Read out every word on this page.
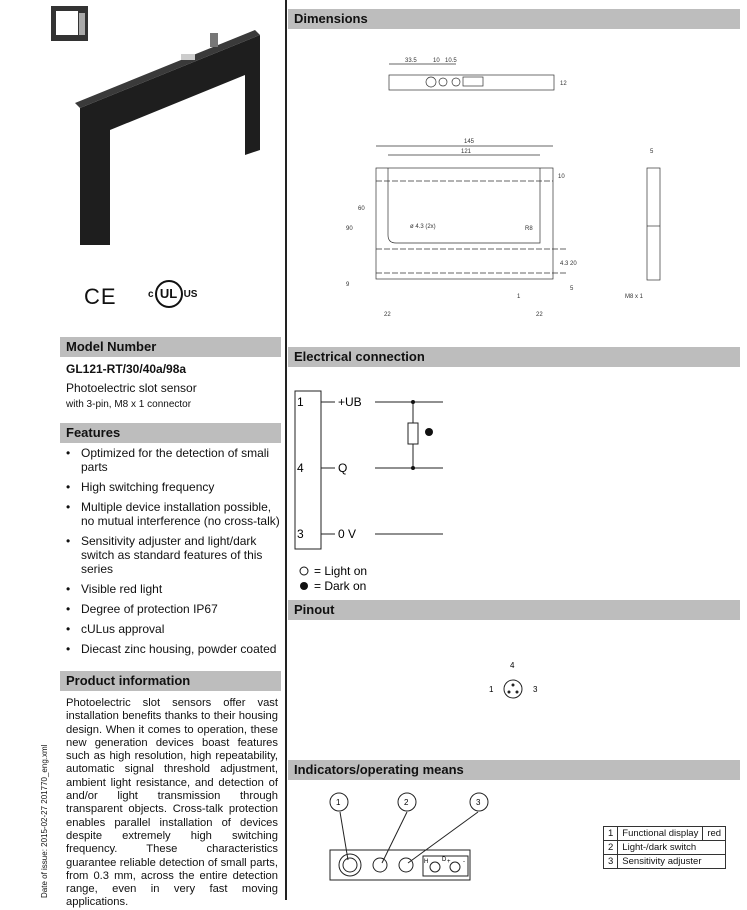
CE	c UL US
Model Number
GL121-RT/30/40a/98a
Photoelectric slot sensor
with 3-pin, M8 x 1 connector
Features
• Optimized for the detection of smali parts
• High switching frequency
• Multiple device installation possible, no mutual interference (no cross-talk)
• Sensitivity adjuster and light/dark switch as standard features of this series
• Visible red light
• Degree of protection IP67
• cULus approval
• Diecast zinc housing, powder coated
Product information
Photoelectric slot sensors offer vast installation benefits thanks to their housing design. When it comes to operation, these new generation devices boast features such as high resolution, high repeatability, automatic signal threshold adjustment, ambient light resistance, and detection of and/or light transmission through transparent objects. Cross-talk protection enables parallel installation of devices despite extremely high switching frequency. These characteristics guarantee reliable detection of small parts, from 0.3 mm, across the entire detection range, even in very fast moving applications.
Date of issue: 2015-02-27 201770_eng.xml
Dimensions
33.5	10 10.5
12
145
121
10
60
90	ø 4.3 (2x)	R8
4.3 20
5
9
22
1
22
5
M8 x 1
Electrical connection
1	+UB
4	Q
3	0 V
= Light on
= Dark on
Pinout
4
1	3
Indicators/operating means
1	2	3
H D + -
1	Functional display	red
2	Light-/dark switch	
3	Sensitivity adjuster	
